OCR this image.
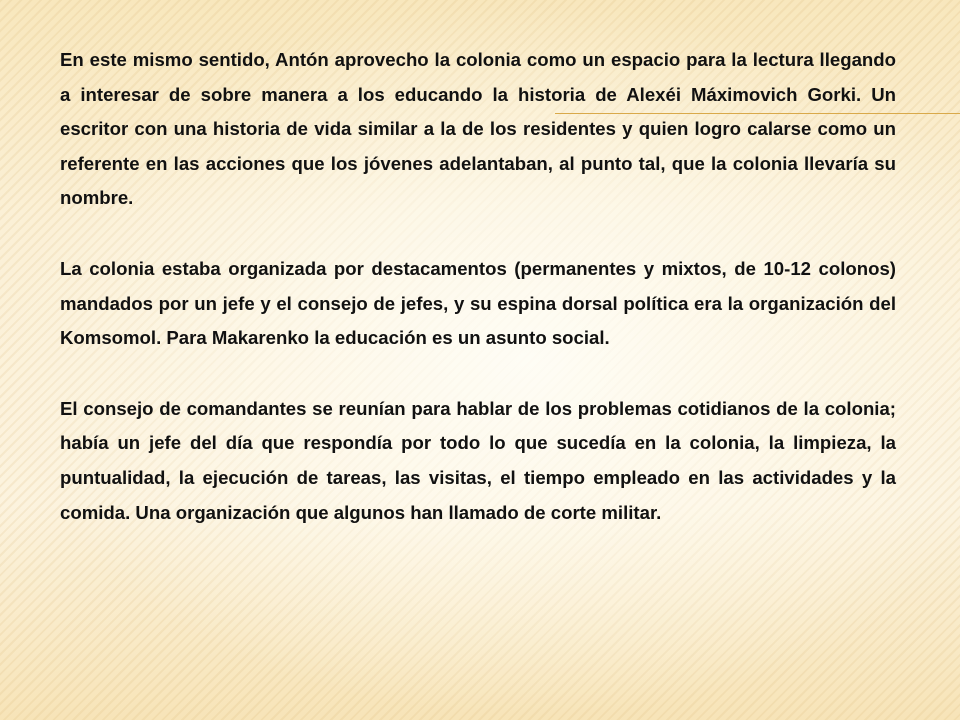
En este mismo sentido, Antón aprovecho la colonia como un espacio para la lectura llegando a interesar de sobre manera a los educando la historia de Alexéi Máximovich Gorki. Un escritor con una historia de vida similar a la de los residentes y quien logro calarse como un referente en las acciones que los jóvenes adelantaban, al punto tal, que la colonia llevaría su nombre.

La colonia estaba organizada por destacamentos (permanentes y mixtos, de 10-12 colonos) mandados por un jefe y el consejo de jefes, y su espina dorsal política era la organización del Komsomol. Para Makarenko la educación es un asunto social.

El consejo de comandantes se reunían para hablar de los problemas cotidianos de la colonia; había un jefe del día que respondía por todo lo que sucedía en la colonia, la limpieza, la puntualidad, la ejecución de tareas, las visitas, el tiempo empleado en las actividades y la comida. Una organización que algunos han llamado de corte militar.
